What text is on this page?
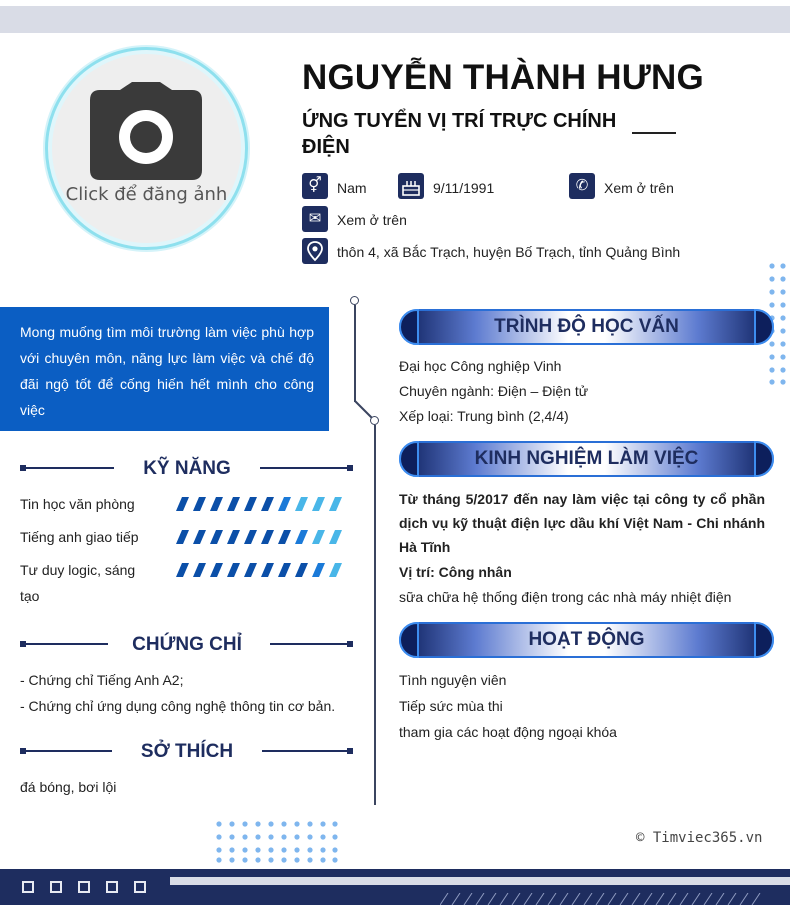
Click để đăng ảnh
NGUYỄN THÀNH HƯNG
ỨNG TUYỂN VỊ TRÍ TRỰC CHÍNH ĐIỆN
⚥	Nam	9/11/1991	✆	Xem ở trên
✉	Xem ở trên
thôn 4, xã Bắc Trạch, huyện Bố Trạch, tỉnh Quảng Bình
Mong muống tìm môi trường làm việc phù hợp với chuyên môn, năng lực làm việc và chế độ đãi ngộ tốt để cống hiến hết mình cho công việc
KỸ NĂNG
Tin học văn phòng
Tiếng anh giao tiếp
Tư duy logic, sáng tạo
CHỨNG CHỈ
- Chứng chỉ Tiếng Anh A2;
- Chứng chỉ ứng dụng công nghệ thông tin cơ bản.
SỞ THÍCH
đá bóng, bơi lội
TRÌNH ĐỘ HỌC VẤN
Đại học Công nghiệp Vinh
Chuyên ngành: Điện – Điện tử
Xếp loại: Trung bình (2,4/4)
KINH NGHIỆM LÀM VIỆC
Từ tháng 5/2017 đến nay làm việc tại công ty cổ phần dịch vụ kỹ thuật điện lực dầu khí Việt Nam - Chi nhánh Hà Tĩnh
Vị trí: Công nhân
sữa chữa hệ thống điện trong các nhà máy nhiệt điện
HOẠT ĐỘNG
Tình nguyện viên
Tiếp sức mùa thi
tham gia các hoạt động ngoại khóa
© Timviec365.vn
